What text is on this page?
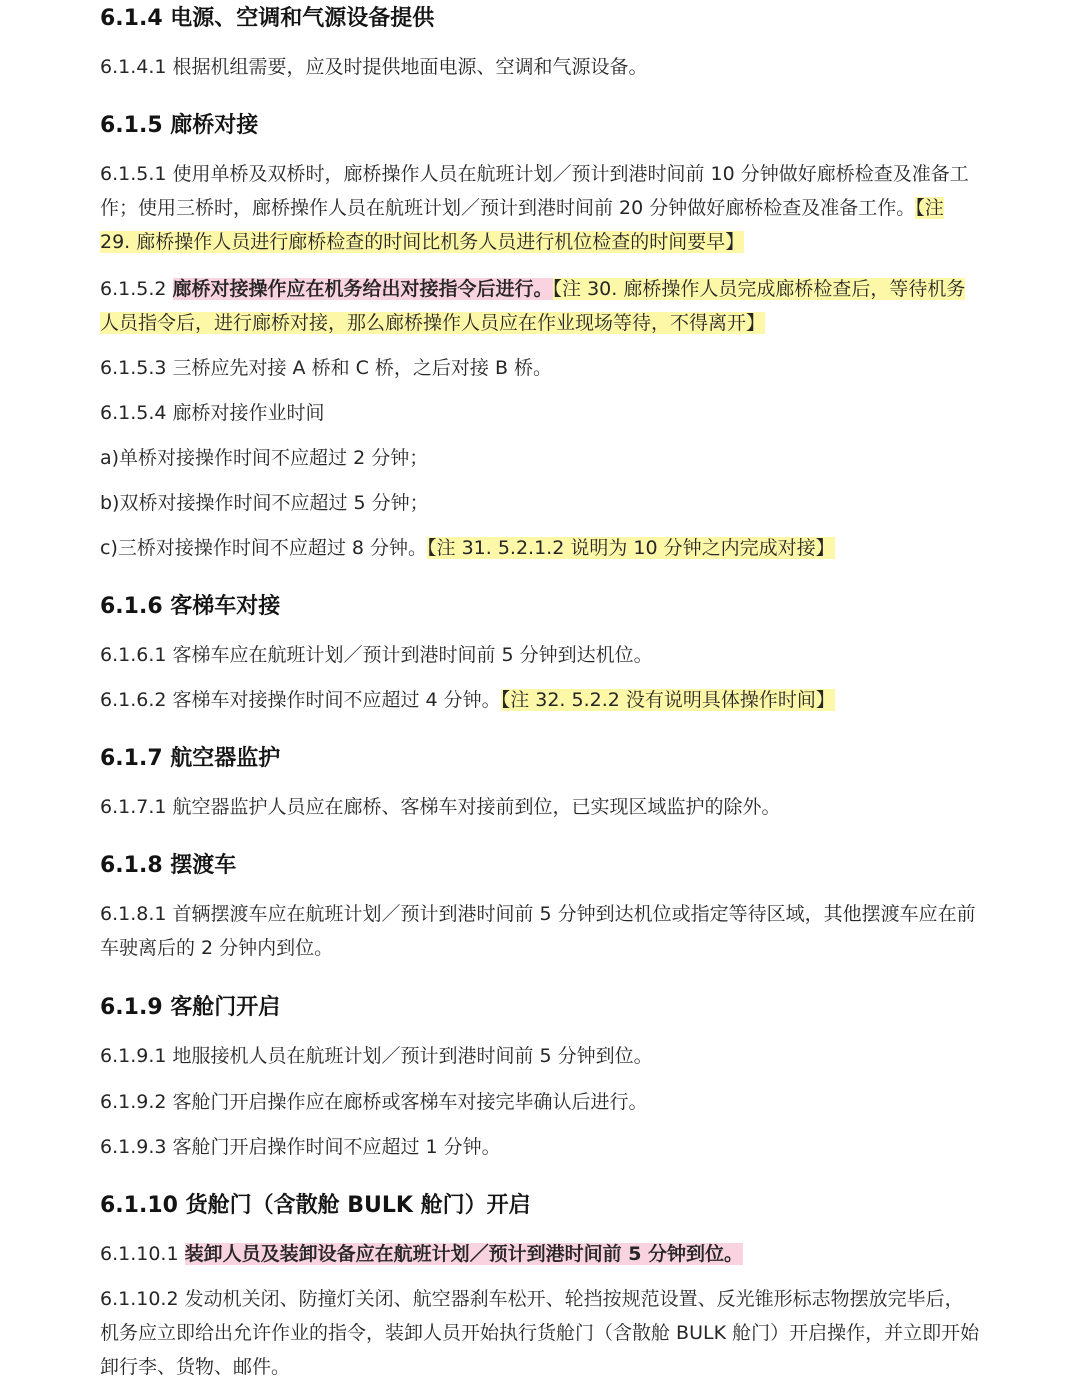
6.1.4 电源、空调和气源设备提供

6.1.4.1 根据机组需要，应及时提供地面电源、空调和气源设备。

6.1.5 廊桥对接

6.1.5.1 使用单桥及双桥时，廊桥操作人员在航班计划／预计到港时间前 10 分钟做好廊桥检查及准备工作；使用三桥时，廊桥操作人员在航班计划／预计到港时间前 20 分钟做好廊桥检查及准备工作。【注 29. 廊桥操作人员进行廊桥检查的时间比机务人员进行机位检查的时间要早】

6.1.5.2 廊桥对接操作应在机务给出对接指令后进行。【注 30. 廊桥操作人员完成廊桥检查后，等待机务人员指令后，进行廊桥对接，那么廊桥操作人员应在作业现场等待，不得离开】

6.1.5.3 三桥应先对接 A 桥和 C 桥，之后对接 B 桥。

6.1.5.4 廊桥对接作业时间

a)单桥对接操作时间不应超过 2 分钟；

b)双桥对接操作时间不应超过 5 分钟；

c)三桥对接操作时间不应超过 8 分钟。【注 31. 5.2.1.2 说明为 10 分钟之内完成对接】

6.1.6 客梯车对接

6.1.6.1 客梯车应在航班计划／预计到港时间前 5 分钟到达机位。

6.1.6.2 客梯车对接操作时间不应超过 4 分钟。【注 32. 5.2.2 没有说明具体操作时间】

6.1.7 航空器监护

6.1.7.1 航空器监护人员应在廊桥、客梯车对接前到位，已实现区域监护的除外。

6.1.8 摆渡车

6.1.8.1 首辆摆渡车应在航班计划／预计到港时间前 5 分钟到达机位或指定等待区域，其他摆渡车应在前车驶离后的 2 分钟内到位。

6.1.9 客舱门开启

6.1.9.1 地服接机人员在航班计划／预计到港时间前 5 分钟到位。

6.1.9.2 客舱门开启操作应在廊桥或客梯车对接完毕确认后进行。

6.1.9.3 客舱门开启操作时间不应超过 1 分钟。

6.1.10 货舱门（含散舱 BULK 舱门）开启

6.1.10.1 装卸人员及装卸设备应在航班计划／预计到港时间前 5 分钟到位。

6.1.10.2 发动机关闭、防撞灯关闭、航空器刹车松开、轮挡按规范设置、反光锥形标志物摆放完毕后，机务应立即给出允许作业的指令，装卸人员开始执行货舱门（含散舱 BULK 舱门）开启操作，并立即开始卸行李、货物、邮件。
